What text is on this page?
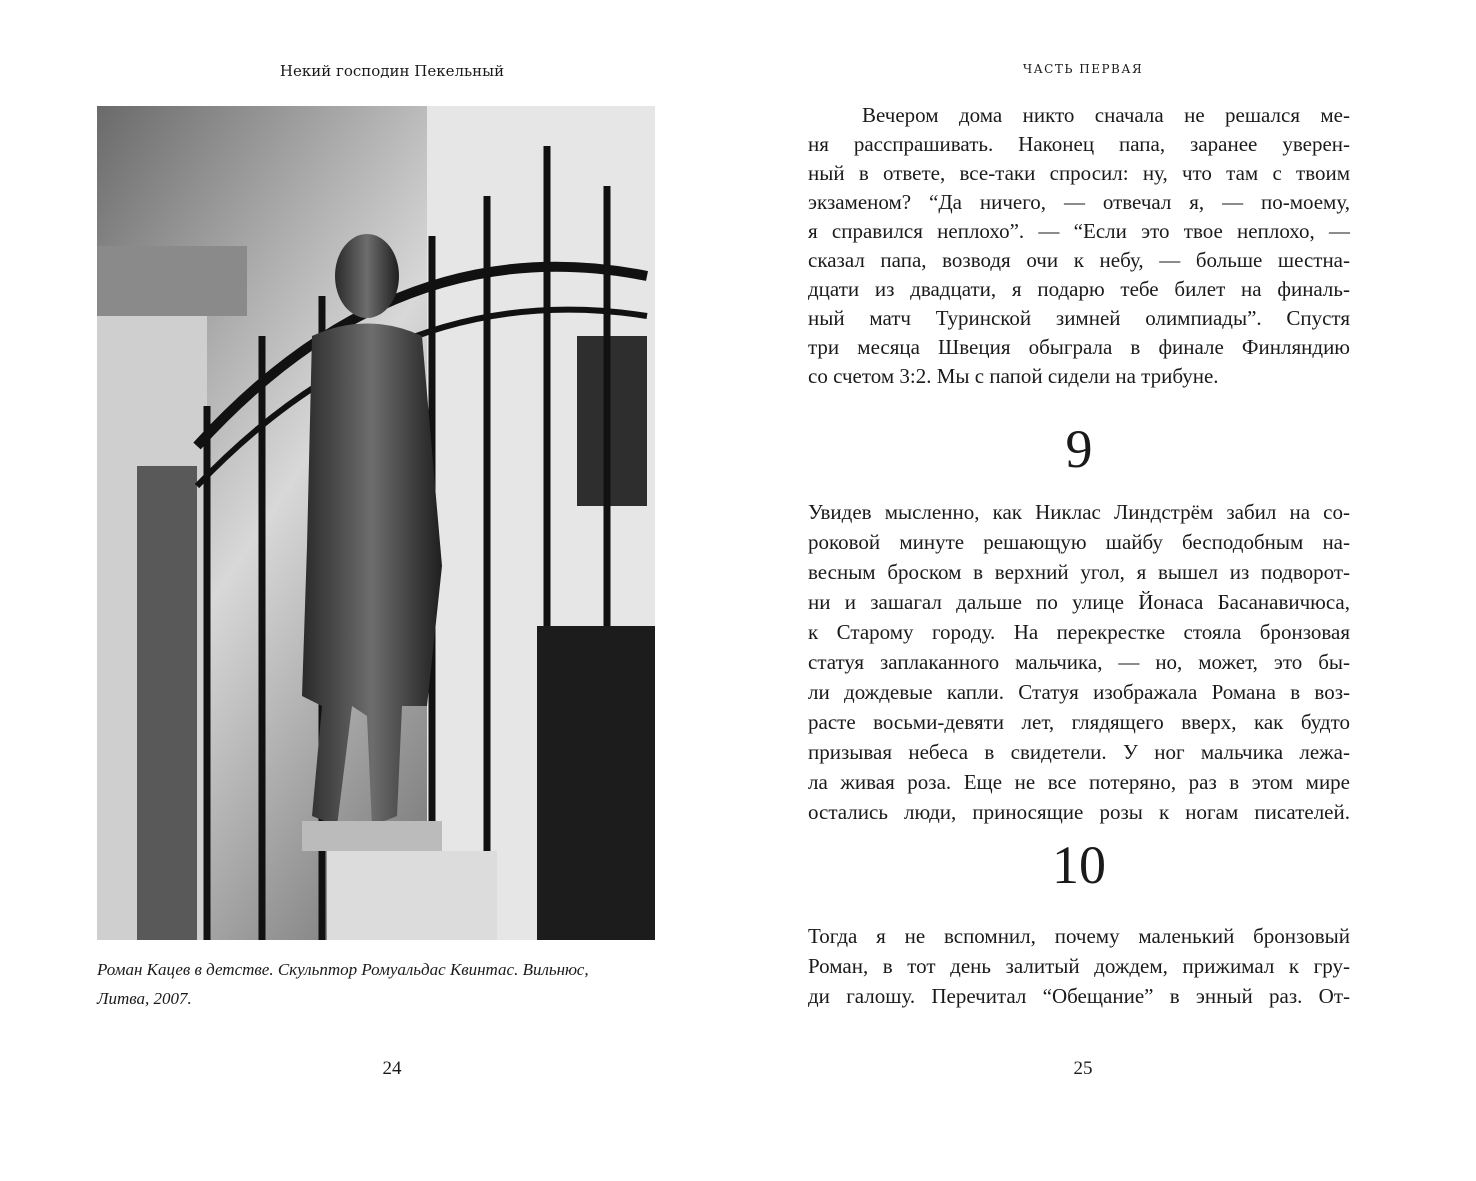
Некий господин Пекельный
Роман Кацев в детстве. Скульптор Ромуальдас Квинтас. Вильнюс,
Литва, 2007.
24
ЧАСТЬ ПЕРВАЯ
Вечером дома никто сначала не решался ме-
ня расспрашивать. Наконец папа, заранее уверен-
ный в ответе, все-таки спросил: ну, что там с твоим
экзаменом? “Да ничего, — отвечал я, — по-моему,
я справился неплохо”. — “Если это твое неплохо, —
сказал папа, возводя очи к небу, — больше шестна-
дцати из двадцати, я подарю тебе билет на финаль-
ный матч Туринской зимней олимпиады”. Спустя
три месяца Швеция обыграла в финале Финляндию
со счетом 3:2. Мы с папой сидели на трибуне.
9
Увидев мысленно, как Никлас Линдстрём забил на со-
роковой минуте решающую шайбу бесподобным на-
весным броском в верхний угол, я вышел из подворот-
ни и зашагал дальше по улице Йонаса Басанавичюса,
к Старому городу. На перекрестке стояла бронзовая
статуя заплаканного мальчика, — но, может, это бы-
ли дождевые капли. Статуя изображала Романа в воз-
расте восьми-девяти лет, глядящего вверх, как будто
призывая небеса в свидетели. У ног мальчика лежа-
ла живая роза. Еще не все потеряно, раз в этом мире
остались люди, приносящие розы к ногам писателей.
10
Тогда я не вспомнил, почему маленький бронзовый
Роман, в тот день залитый дождем, прижимал к гру-
ди галошу. Перечитал “Обещание” в энный раз. От-
25
